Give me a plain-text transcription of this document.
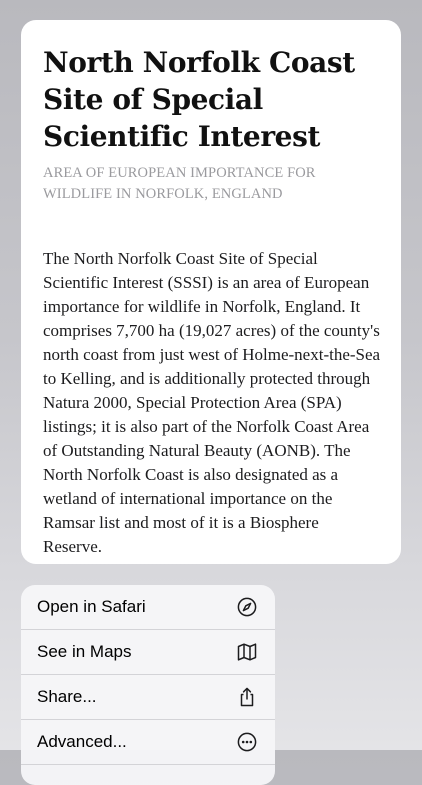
North Norfolk Coast Site of Special Scientific Interest

AREA OF EUROPEAN IMPORTANCE FOR WILDLIFE IN NORFOLK, ENGLAND

The North Norfolk Coast Site of Special Scientific Interest (SSSI) is an area of European importance for wildlife in Norfolk, England. It comprises 7,700 ha (19,027 acres) of the county's north coast from just west of Holme-next-the-Sea to Kelling, and is additionally protected through Natura 2000, Special Protection Area (SPA) listings; it is also part of the Norfolk Coast Area of Outstanding Natural Beauty (AONB). The North Norfolk Coast is also designated as a wetland of international importance on the Ramsar list and most of it is a Biosphere Reserve.

Open in Safari
See in Maps
Share...
Advanced...
